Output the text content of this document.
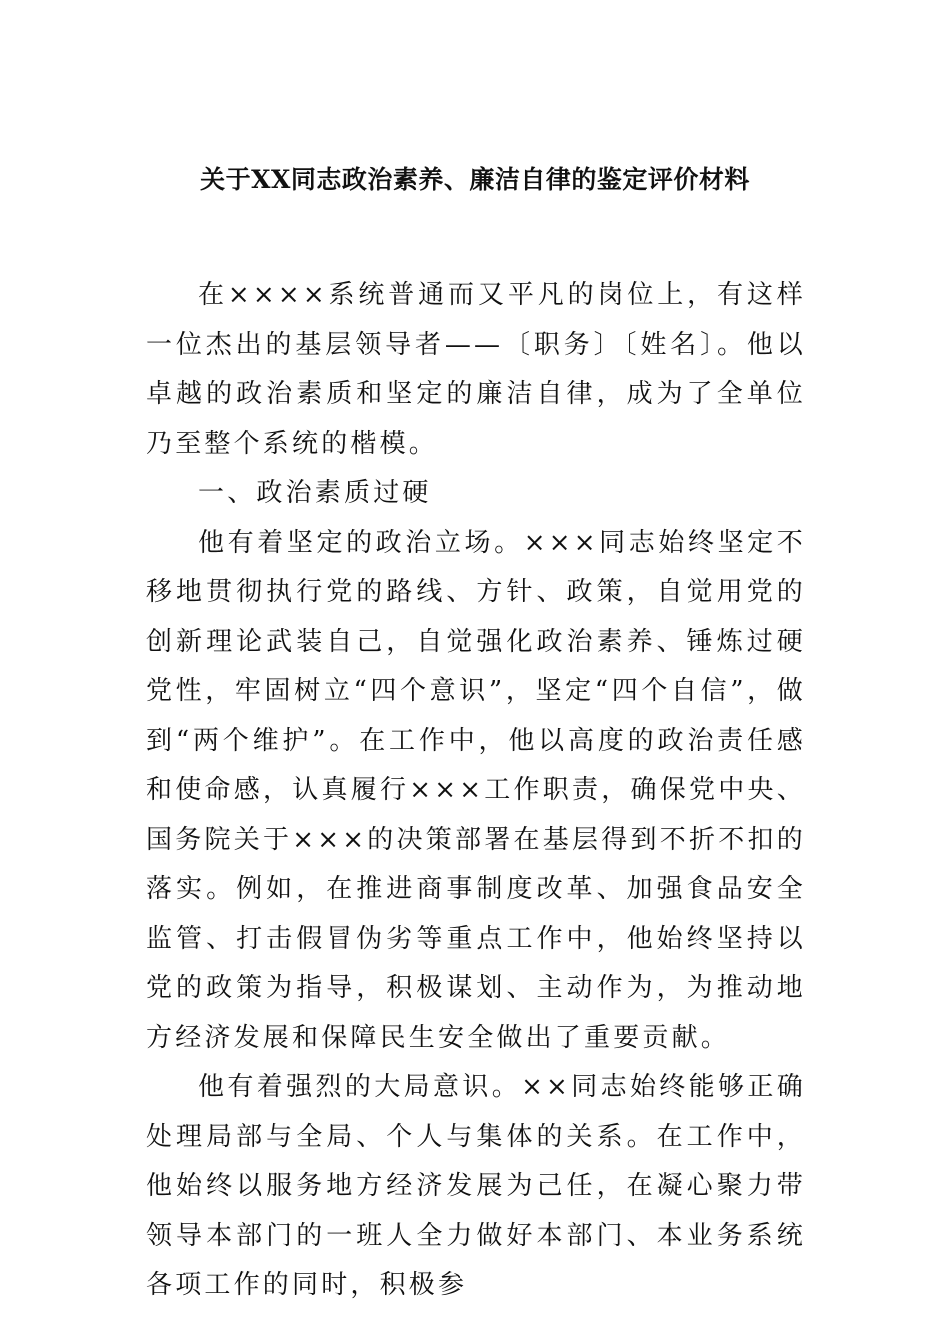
关于XX同志政治素养、廉洁自律的鉴定评价材料

在××××系统普通而又平凡的岗位上，有这样一位杰出的基层领导者——〔职务〕〔姓名〕。他以卓越的政治素质和坚定的廉洁自律，成为了全单位乃至整个系统的楷模。

一、政治素质过硬

他有着坚定的政治立场。×××同志始终坚定不移地贯彻执行党的路线、方针、政策，自觉用党的创新理论武装自己，自觉强化政治素养、锤炼过硬党性，牢固树立“四个意识”，坚定“四个自信”，做到“两个维护”。在工作中，他以高度的政治责任感和使命感，认真履行×××工作职责，确保党中央、国务院关于×××的决策部署在基层得到不折不扣的落实。例如，在推进商事制度改革、加强食品安全监管、打击假冒伪劣等重点工作中，他始终坚持以党的政策为指导，积极谋划、主动作为，为推动地方经济发展和保障民生安全做出了重要贡献。

他有着强烈的大局意识。××同志始终能够正确处理局部与全局、个人与集体的关系。在工作中，他始终以服务地方经济发展为己任，在凝心聚力带领导本部门的一班人全力做好本部门、本业务系统各项工作的同时，积极参
